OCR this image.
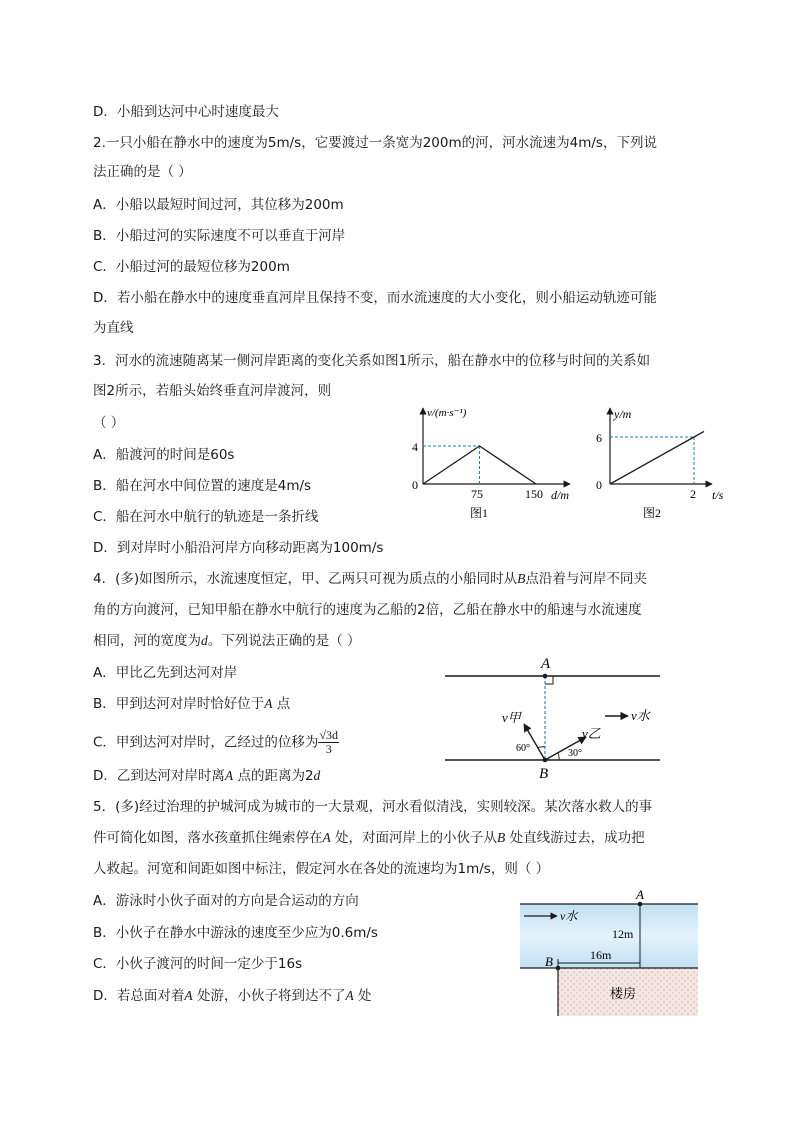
D．小船到达河中心时速度最大
2.一只小船在静水中的速度为5m/s，它要渡过一条宽为200m的河，河水流速为4m/s，下列说
法正确的是（ ）
A．小船以最短时间过河，其位移为200m
B．小船过河的实际速度不可以垂直于河岸
C．小船过河的最短位移为200m
D．若小船在静水中的速度垂直河岸且保持不变，而水流速度的大小变化，则小船运动轨迹可能
为直线
3．河水的流速随离某一侧河岸距离的变化关系如图1所示，船在静水中的位移与时间的关系如
图2所示，若船头始终垂直河岸渡河，则
（ ）
A．船渡河的时间是60s
B．船在河水中间位置的速度是4m/s
C．船在河水中航行的轨迹是一条折线
D．到对岸时小船沿河岸方向移动距离为100m/s
4．(多)如图所示，水流速度恒定，甲、乙两只可视为质点的小船同时从B点沿着与河岸不同夹
角的方向渡河，已知甲船在静水中航行的速度为乙船的2倍，乙船在静水中的船速与水流速度
相同，河的宽度为d。下列说法正确的是（ ）
A．甲比乙先到达河对岸
B．甲到达河对岸时恰好位于A 点
C．甲到达河对岸时，乙经过的位移为 $\frac{√3d}{3}$
D．乙到达河对岸时离A 点的距离为2d
5．(多)经过治理的护城河成为城市的一大景观，河水看似清浅，实则较深。某次落水救人的事
件可简化如图，落水孩童抓住绳索停在A 处，对面河岸上的小伙子从B 处直线游过去，成功把
人救起。河宽和间距如图中标注，假定河水在各处的流速均为1m/s，则（ ）
A．游泳时小伙子面对的方向是合运动的方向
B．小伙子在静水中游泳的速度至少应为0.6m/s
C．小伙子渡河的时间一定少于16s
D．若总面对着A 处游，小伙子将到达不了A 处
v/(m·s⁻¹)
d/m
0
4
75	150
图1
y/m
t/s
0
6
2
图2
A
B
v甲
v乙
v水
60°	30°
A
B
v水
12m
16m
楼房
